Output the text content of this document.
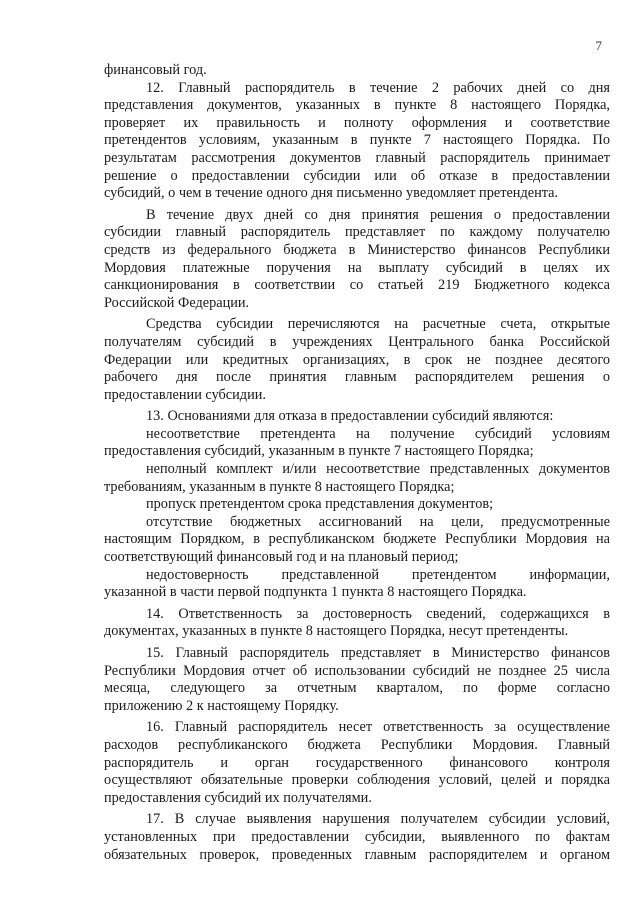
7
финансовый год.
12. Главный распорядитель в течение 2 рабочих дней со дня
представления документов, указанных в пункте 8 настоящего Порядка,
проверяет их правильность и полноту оформления и соответствие
претендентов условиям, указанным в пункте 7 настоящего Порядка. По
результатам рассмотрения документов главный распорядитель принимает
решение о предоставлении субсидии или об отказе в предоставлении
субсидий, о чем в течение одного дня письменно уведомляет претендента.
В течение двух дней со дня принятия решения о предоставлении
субсидии главный распорядитель представляет по каждому получателю
средств из федерального бюджета в Министерство финансов Республики
Мордовия платежные поручения на выплату субсидий в целях их
санкционирования в соответствии со статьей 219 Бюджетного кодекса
Российской Федерации.
Средства субсидии перечисляются на расчетные счета, открытые
получателям субсидий в учреждениях Центрального банка Российской
Федерации или кредитных организациях, в срок не позднее десятого
рабочего дня после принятия главным распорядителем решения о
предоставлении субсидии.
13. Основаниями для отказа в предоставлении субсидий являются:
несоответствие претендента на получение субсидий условиям
предоставления субсидий, указанным в пункте 7 настоящего Порядка;
неполный комплект и/или несоответствие представленных документов
требованиям, указанным в пункте 8 настоящего Порядка;
пропуск претендентом срока представления документов;
отсутствие бюджетных ассигнований на цели, предусмотренные
настоящим Порядком, в республиканском бюджете Республики Мордовия на
соответствующий финансовый год и на плановый период;
недостоверность представленной претендентом информации,
указанной в части первой подпункта 1 пункта 8 настоящего Порядка.
14. Ответственность за достоверность сведений, содержащихся в
документах, указанных в пункте 8 настоящего Порядка, несут претенденты.
15. Главный распорядитель представляет в Министерство финансов
Республики Мордовия отчет об использовании субсидий не позднее 25 числа
месяца, следующего за отчетным кварталом, по форме согласно
приложению 2 к настоящему Порядку.
16. Главный распорядитель несет ответственность за осуществление
расходов республиканского бюджета Республики Мордовия. Главный
распорядитель и орган государственного финансового контроля
осуществляют обязательные проверки соблюдения условий, целей и порядка
предоставления субсидий их получателями.
17. В случае выявления нарушения получателем субсидии условий,
установленных при предоставлении субсидии, выявленного по фактам
обязательных проверок, проведенных главным распорядителем и органом
